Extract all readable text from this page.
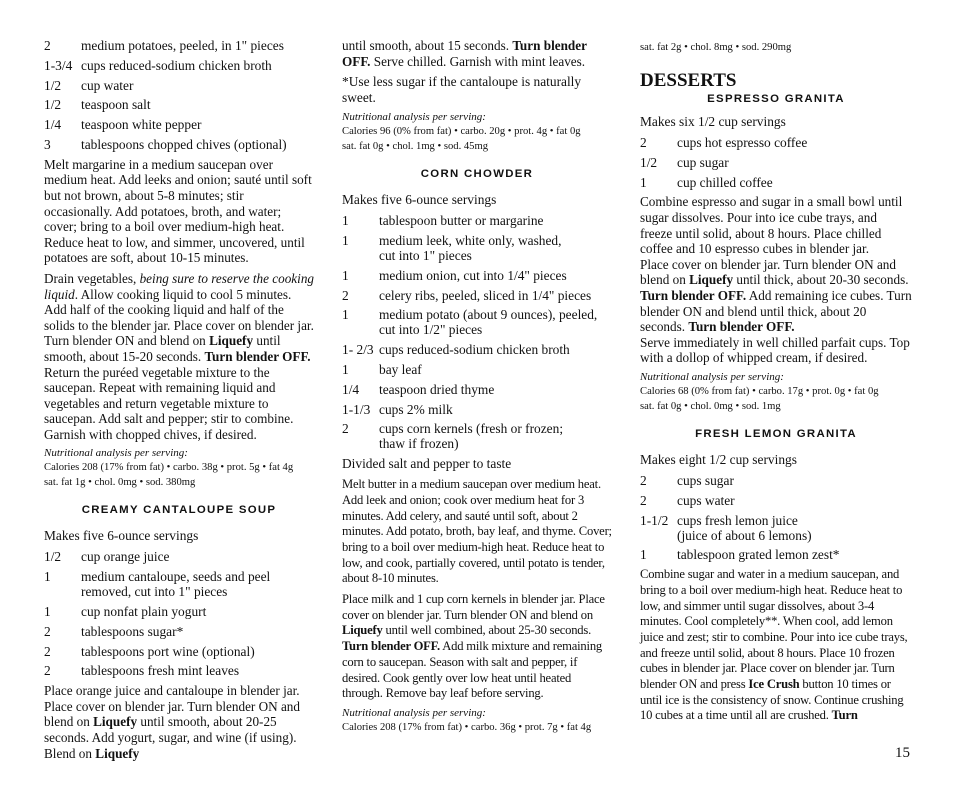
2	medium potatoes, peeled, in 1" pieces
1-3/4 cups reduced-sodium chicken broth
1/2	cup water
1/2	teaspoon salt
1/4	teaspoon white pepper
3	tablespoons chopped chives (optional)

Melt margarine in a medium saucepan over medium heat. Add leeks and onion; sauté until soft but not brown, about 5-8 minutes; stir occasionally. Add potatoes, broth, and water; cover; bring to a boil over medium-high heat. Reduce heat to low, and simmer, uncovered, until potatoes are soft, about 10-15 minutes.

Drain vegetables, being sure to reserve the cooking liquid. Allow cooking liquid to cool 5 minutes. Add half of the cooking liquid and half of the solids to the blender jar. Place cover on blender jar. Turn blender ON and blend on Liquefy until smooth, about 15-20 seconds. Turn blender OFF. Return the puréed vegetable mixture to the saucepan. Repeat with remaining liquid and vegetables and return vegetable mixture to saucepan. Add salt and pepper; stir to combine. Garnish with chopped chives, if desired.

Nutritional analysis per serving:

Calories 208 (17% from fat) • carbo. 38g • prot. 5g • fat 4g
sat. fat 1g • chol. 0mg • sod. 380mg

CREAMY CANTALOUPE SOUP

Makes five 6-ounce servings

1/2	cup orange juice
1	medium cantaloupe, seeds and peel
removed, cut into 1" pieces
1	cup nonfat plain yogurt
2	tablespoons sugar*
2	tablespoons port wine (optional)
2	tablespoons fresh mint leaves

Place orange juice and cantaloupe in blender jar. Place cover on blender jar. Turn blender ON and blend on Liquefy until smooth, about 20-25 seconds. Add yogurt, sugar, and wine (if using). Blend on Liquefy

until smooth, about 15 seconds. Turn blender OFF. Serve chilled. Garnish with mint leaves.

*Use less sugar if the cantaloupe is naturally sweet.

Nutritional analysis per serving:

Calories 96 (0% from fat) • carbo. 20g • prot. 4g • fat 0g
sat. fat 0g • chol. 1mg • sod. 45mg

CORN CHOWDER

Makes five 6-ounce servings

1	tablespoon butter or margarine
1	medium leek, white only, washed,
cut into 1" pieces
1	medium onion, cut into 1/4" pieces
2	celery ribs, peeled, sliced in 1/4" pieces
1	medium potato (about 9 ounces), peeled,
cut into 1/2" pieces
1- 2/3 cups reduced-sodium chicken broth
1	bay leaf
1/4	teaspoon dried thyme
1-1/3 cups 2% milk
2	cups corn kernels (fresh or frozen;
thaw if frozen)

Divided salt and pepper to taste

Melt butter in a medium saucepan over medium heat. Add leek and onion; cook over medium heat for 3 minutes. Add celery, and sauté until soft, about 2 minutes. Add potato, broth, bay leaf, and thyme. Cover; bring to a boil over medium-high heat. Reduce heat to low, and cook, partially covered, until potato is tender, about 8-10 minutes.

Place milk and 1 cup corn kernels in blender jar. Place cover on blender jar. Turn blender ON and blend on Liquefy until well combined, about 25-30 seconds. Turn blender OFF. Add milk mixture and remaining corn to saucepan. Season with salt and pepper, if desired. Cook gently over low heat until heated through. Remove bay leaf before serving.

Nutritional analysis per serving:

Calories 208 (17% from fat) • carbo. 36g • prot. 7g • fat 4g

sat. fat 2g • chol. 8mg • sod. 290mg

DESSERTS
ESPRESSO GRANITA

Makes six 1/2 cup servings

2	cups hot espresso coffee
1/2	cup sugar
1	cup chilled coffee

Combine espresso and sugar in a small bowl until sugar dissolves. Pour into ice cube trays, and freeze until solid, about 8 hours. Place chilled coffee and 10 espresso cubes in blender jar.

Place cover on blender jar. Turn blender ON and blend on Liquefy until thick, about 20-30 seconds. Turn blender OFF. Add remaining ice cubes. Turn blender ON and blend until thick, about 20 seconds. Turn blender OFF.

Serve immediately in well chilled parfait cups. Top with a dollop of whipped cream, if desired.

Nutritional analysis per serving:

Calories 68 (0% from fat) • carbo. 17g • prot. 0g • fat 0g
sat. fat 0g • chol. 0mg • sod. 1mg

FRESH LEMON GRANITA

Makes eight 1/2 cup servings

2	cups sugar
2	cups water
1-1/2 cups fresh lemon juice
(juice of about 6 lemons)
1	tablespoon grated lemon zest*

Combine sugar and water in a medium saucepan, and bring to a boil over medium-high heat. Reduce heat to low, and simmer until sugar dissolves, about 3-4 minutes. Cool completely**. When cool, add lemon juice and zest; stir to combine. Pour into ice cube trays, and freeze until solid, about 8 hours. Place 10 frozen cubes in blender jar. Place cover on blender jar. Turn blender ON and press Ice Crush button 10 times or until ice is the consistency of snow. Continue crushing 10 cubes at a time until all are crushed. Turn

15
